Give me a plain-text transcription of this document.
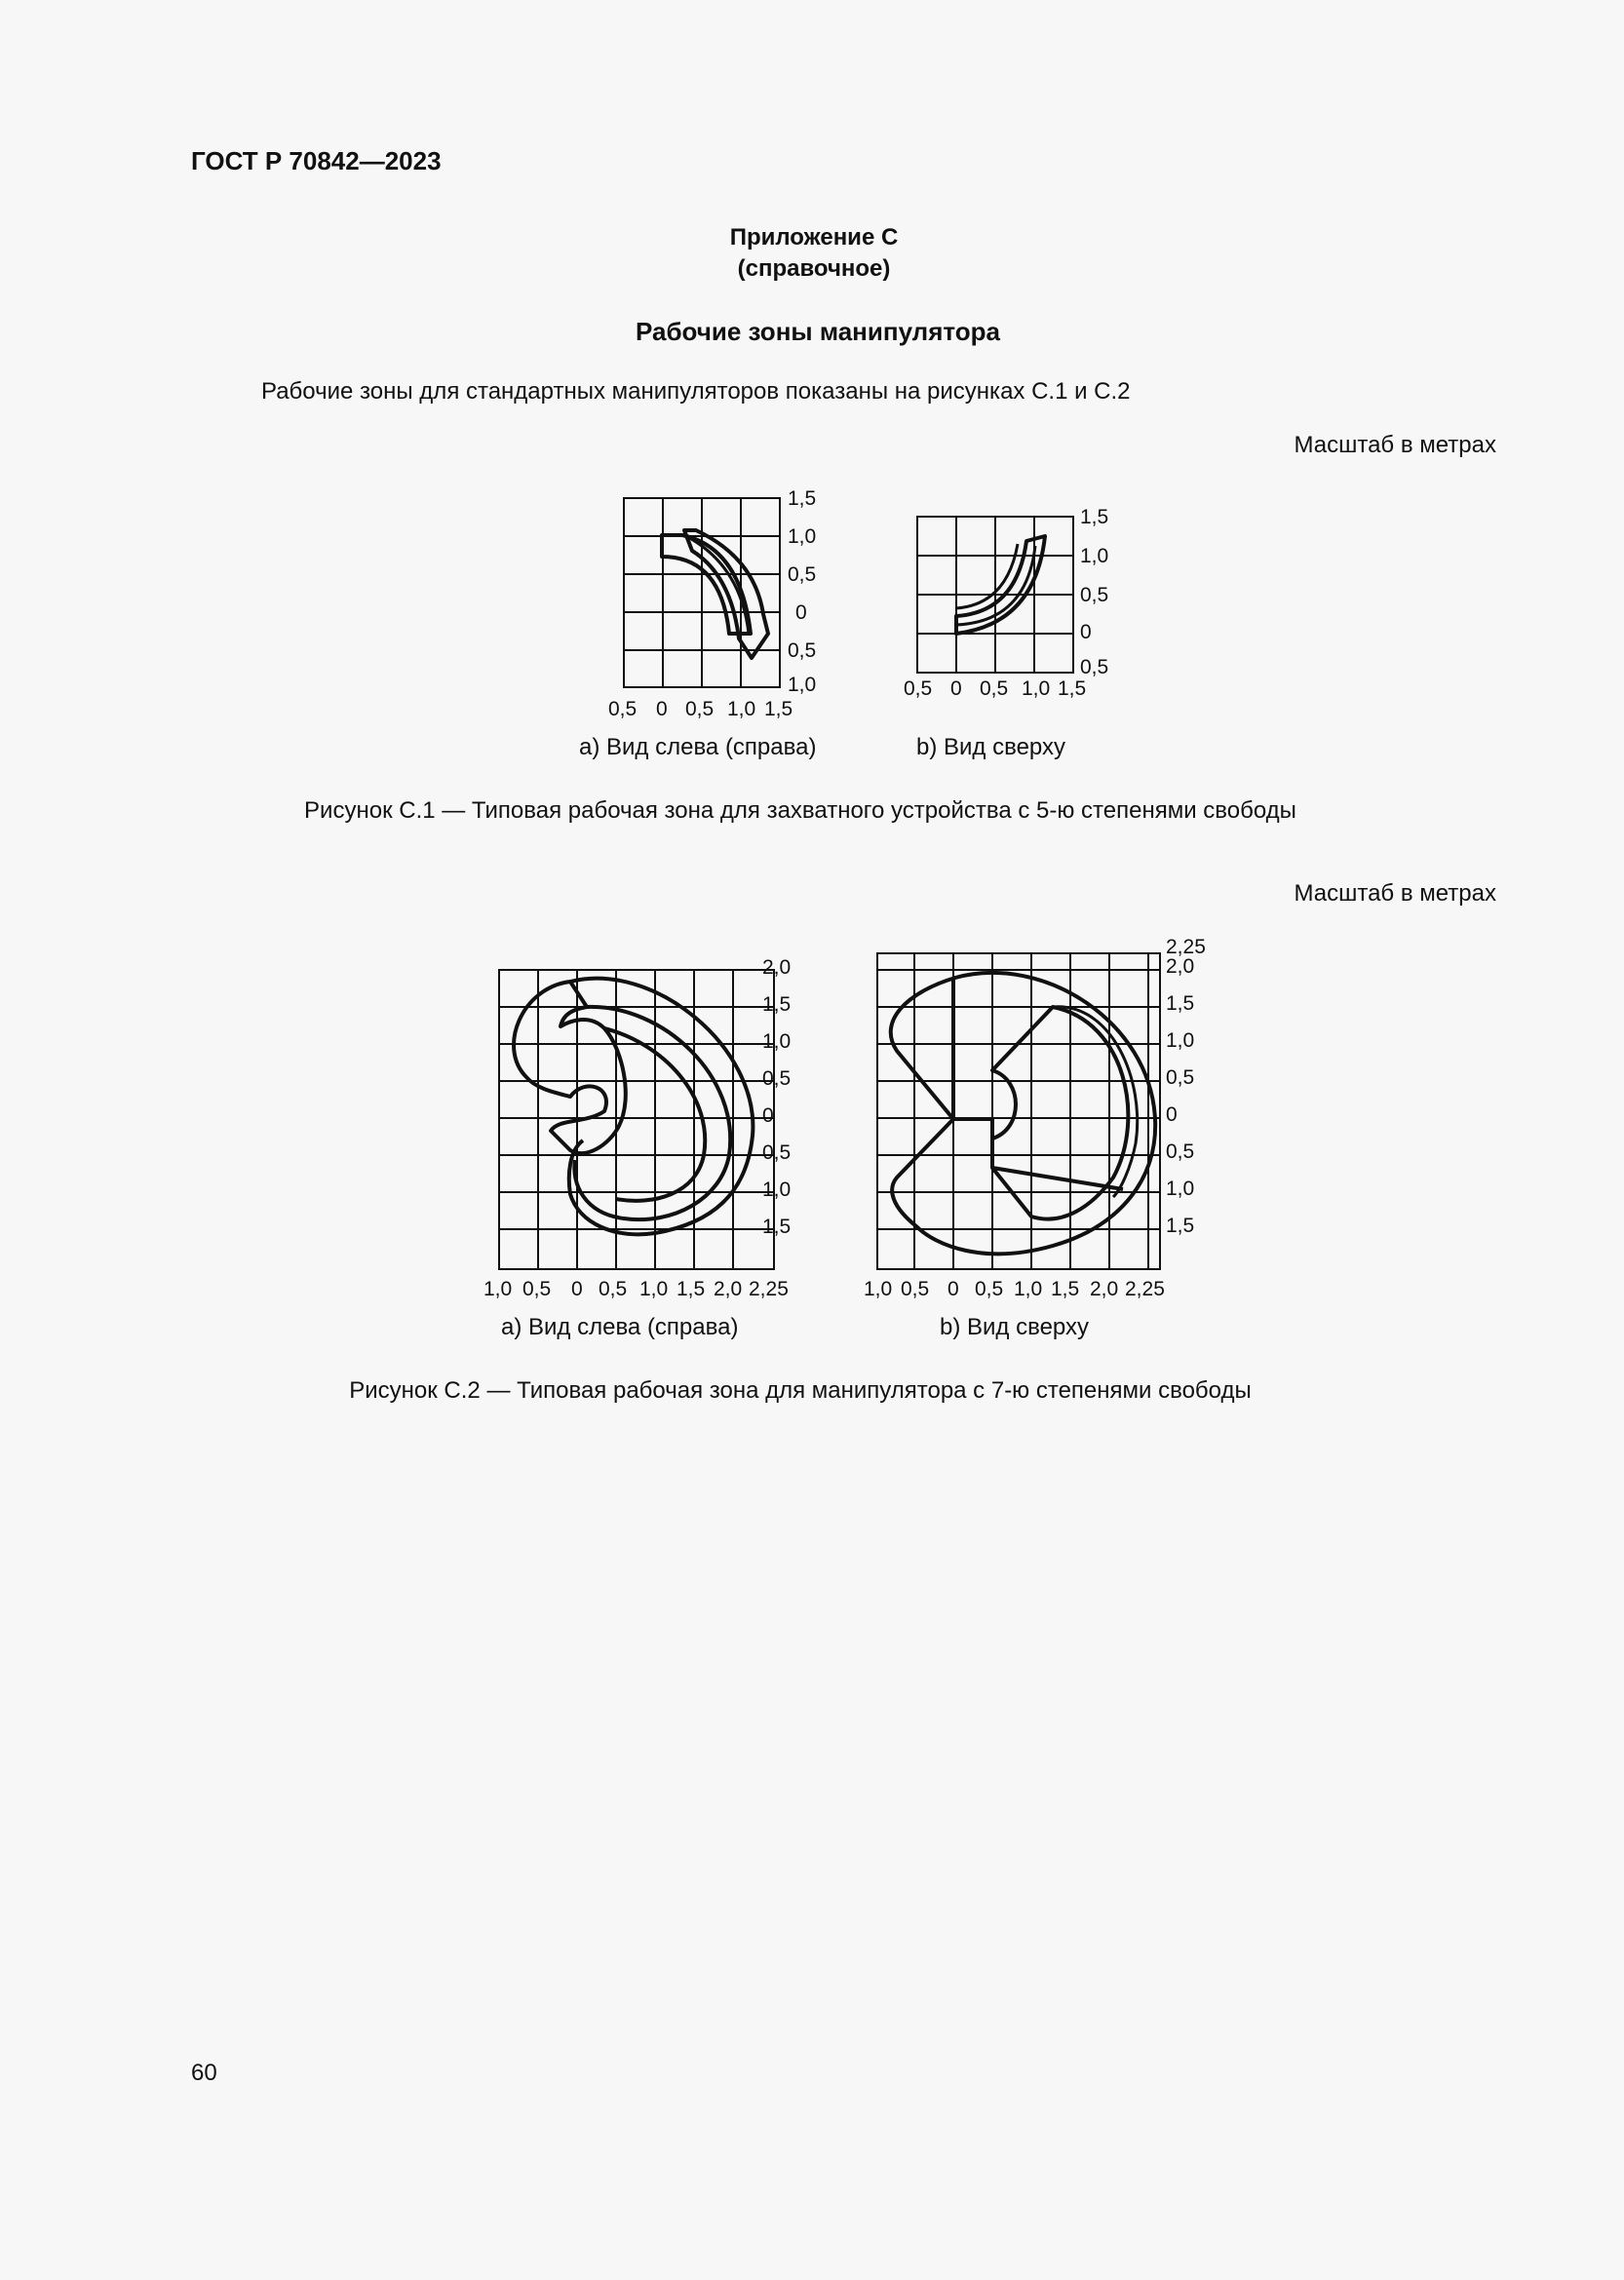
ГОСТ Р 70842—2023
Приложение С
(справочное)
Рабочие зоны манипулятора
Рабочие зоны для стандартных манипуляторов показаны на рисунках С.1 и С.2
Масштаб в метрах
1,5
1,0
0,5
0
0,5
1,0
0,5 0 0,5 1,0 1,5
1,5
1,0
0,5
0
0,5
0,5 0 0,5 1,0 1,5
a) Вид слева (справа)	b) Вид сверху
Рисунок С.1 — Типовая рабочая зона для захватного устройства с 5-ю степенями свободы
Масштаб в метрах
2,0
1,5
1,0
0,5
0
0,5
1,0
1,5
1,0 0,5 0 0,5 1,0 1,5 2,0 2,25
2,25
2,0
1,5
1,0
0,5
0
0,5
1,0
1,5
1,0 0,5 0 0,5 1,0 1,5 2,0 2,25
a) Вид слева (справа)	b) Вид сверху
Рисунок С.2 — Типовая рабочая зона для манипулятора с 7-ю степенями свободы
60
